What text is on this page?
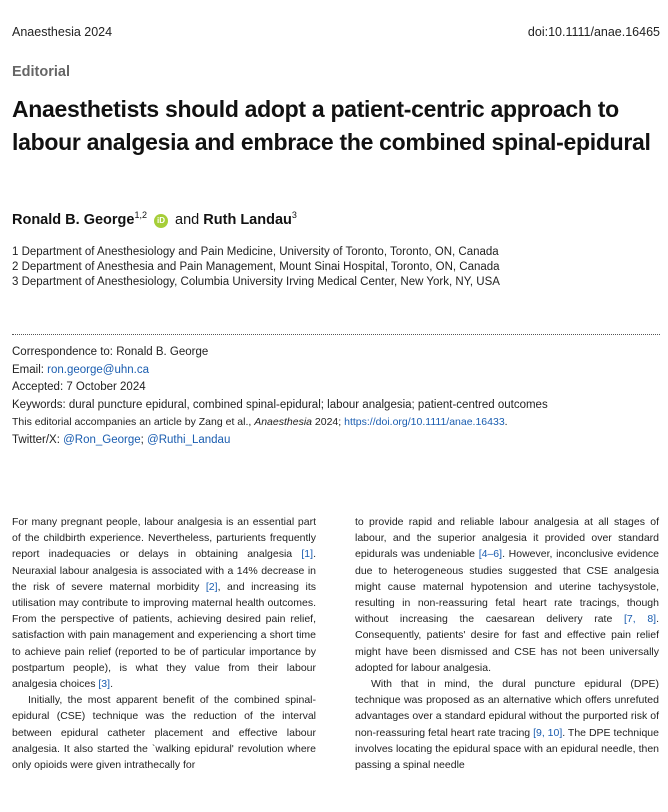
Anaesthesia 2024	doi:10.1111/anae.16465
Editorial
Anaesthetists should adopt a patient-centric approach to labour analgesia and embrace the combined spinal-epidural
Ronald B. George$^{1,2}$ iD and Ruth Landau$^3$
1 Department of Anesthesiology and Pain Medicine, University of Toronto, Toronto, ON, Canada
2 Department of Anesthesia and Pain Management, Mount Sinai Hospital, Toronto, ON, Canada
3 Department of Anesthesiology, Columbia University Irving Medical Center, New York, NY, USA
Correspondence to: Ronald B. George
Email: ron.george@uhn.ca
Accepted: 7 October 2024
Keywords: dural puncture epidural, combined spinal-epidural; labour analgesia; patient-centred outcomes
This editorial accompanies an article by Zang et al., Anaesthesia 2024; https://doi.org/10.1111/anae.16433.
Twitter/X: @Ron_George; @Ruthi_Landau

For many pregnant people, labour analgesia is an essential part of the childbirth experience. Nevertheless, parturients frequently report inadequacies or delays in obtaining analgesia [1]. Neuraxial labour analgesia is associated with a 14% decrease in the risk of severe maternal morbidity [2], and increasing its utilisation may contribute to improving maternal health outcomes. From the perspective of patients, achieving desired pain relief, satisfaction with pain management and experiencing a short time to achieve pain relief (reported to be of particular importance by postpartum people), is what they value from their labour analgesia choices [3].

Initially, the most apparent benefit of the combined spinal-epidural (CSE) technique was the reduction of the interval between epidural catheter placement and effective labour analgesia. It also started the `walking epidural' revolution where only opioids were given intrathecally for

to provide rapid and reliable labour analgesia at all stages of labour, and the superior analgesia it provided over standard epidurals was undeniable [4–6]. However, inconclusive evidence due to heterogeneous studies suggested that CSE analgesia might cause maternal hypotension and uterine tachysystole, resulting in non-reassuring fetal heart rate tracings, though without increasing the caesarean delivery rate [7, 8]. Consequently, patients' desire for fast and effective pain relief might have been dismissed and CSE has not been universally adopted for labour analgesia.

With that in mind, the dural puncture epidural (DPE) technique was proposed as an alternative which offers unrefuted advantages over a standard epidural without the purported risk of non-reassuring fetal heart rate tracing [9, 10]. The DPE technique involves locating the epidural space with an epidural needle, then passing a spinal needle
